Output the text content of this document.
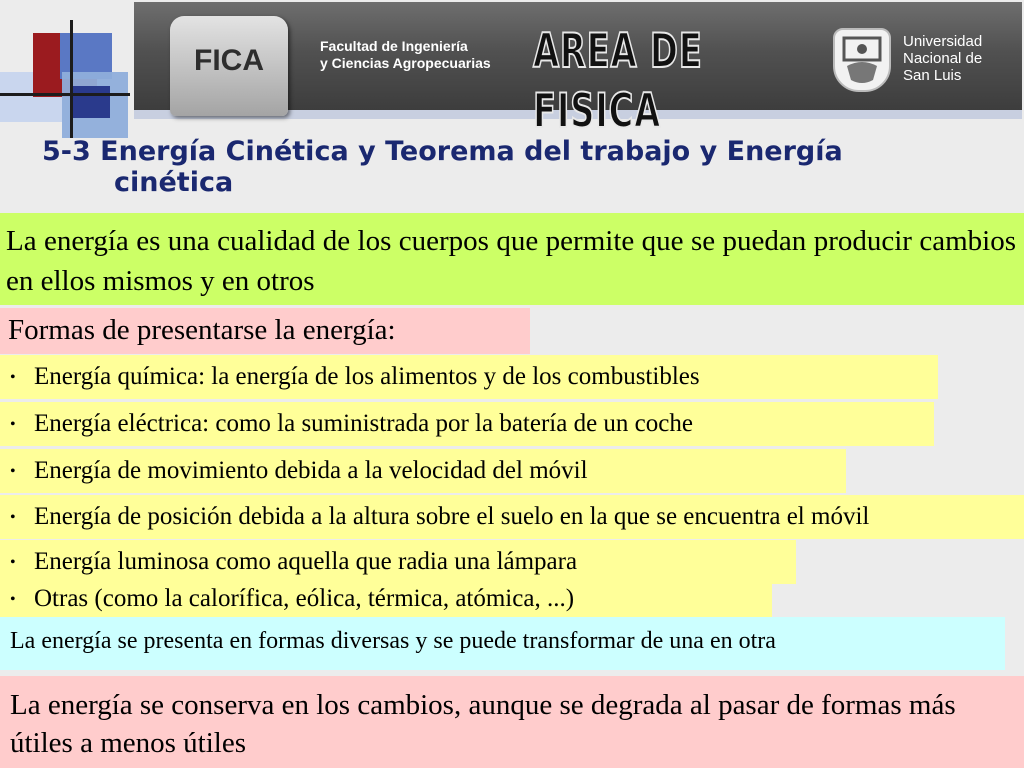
FICA	Facultad de Ingeniería
y Ciencias Agropecuarias AREA DE FISICA
Universidad
Nacional de
San Luis
5-3 Energía Cinética y Teorema del trabajo y Energía
cinética
La energía es una cualidad de los cuerpos que permite que se puedan producir cambios en ellos mismos y en otros
Formas de presentarse la energía:
• Energía química: la energía de los alimentos y de los combustibles
• Energía eléctrica: como la suministrada por la batería de un coche
• Energía de movimiento debida a la velocidad del móvil
• Energía de posición debida a la altura sobre el suelo en la que se encuentra el móvil
• Energía luminosa como aquella que radia una lámpara
• Otras (como la calorífica, eólica, térmica, atómica, ...)
La energía se presenta en formas diversas y se puede transformar de una en otra
La energía se conserva en los cambios, aunque se degrada al pasar de formas más útiles a menos útiles
